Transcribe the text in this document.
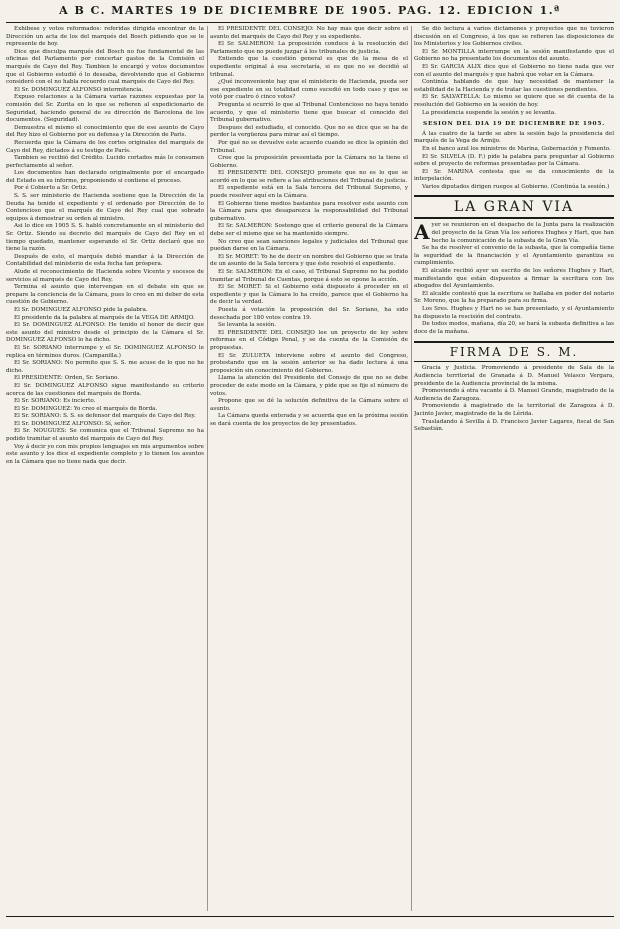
A B C. MARTES 19 DE DICIEMBRE DE 1905. PAG. 12. EDICION 1.ª

Exhibese y votos reformados: referidas dirigida encontrar de la Dirección un acta de los del marqués del Bosch pidiendo que se le represente de hoy.

Dice que disculpa marqués del Bosch no fue fundamental de las oficinas del Parlamento por concertar gastos de la Comisión el marqués de Cayo del Rey. Tambien le encargó y votos documentos que el Gobierno estudió ó lo deseaba, devolviendo que el Gobierno consideró con el no habla recuerdo cual marqués de Cayo del Rey.

El Sr. DOMINGUEZ ALFONSO intermitencia.

Expuso relaciones a la Cámara varias razones expuestas por la comisión del Sr. Zurita en lo que se refieren al expedicionario de Seguridad, haciendo general de su dirección de Barcelona de los documentos. (Seguridad).

Demuestra el mismo el conocimiento que de ese asunto de Cayo del Rey hizo el Gobierno por su defensa y la Dirección de Paris.

Recuerda que la Cámara de los cortes originales del marqués de Cayo del Rey, dictados á su testigo de París.

Tambien se recibió del Crédito. Lucido cortados más lo consumen perfectamente al señor.

Los documentos han declarado originalmente por el encargado del Estado en su informe, proponiendo si contiene el proceso.

Por é Cobierto a Sr. Ortiz.

S. S. ser ministerio de Hacienda sostiene que la Dirección de la Deuda ha tenido el expediente y el ordenado por Dirección de lo Contencioso que el marqués de Cayo del Rey cual que sobrado equipos á demostrar su orden al ministro.

Asi lo dice en 1905 S. S. habló concretamente en el ministerio del Sr. Ortiz. Siendo su decreto del marqués de Cayo del Rey en el tiempo quedado, mantener esperando el Sr. Ortiz declaró que no tiene la razón.

Después de esto, el marqués debió mandar á la Dirección de Contabilidad del ministerio de esta fecha tan próspera.

Alude el reconocimiento de Hacienda sobre Vicente y sucesos de servicios al marqués de Cayo del Rey.

Termina el asunto que intervengan en el debate sin que se prepare la conciencia de la Cámara, pues lo creo en mi deber de esta cuestión de Gobierno.

El Sr. DOMINGUEZ ALFONSO pide la palabra.

El presidente da la palabra al marqués de la VEGA DE ARMIJO.

El Sr. DOMINGUEZ ALFONSO: He tenido el honor de decir que este asunto del ministro desde el principio de la Cámara el Sr. DOMINGUEZ ALFONSO lo ha dicho.

El Sr. SORIANO interrumpe y el Sr. DOMINGUEZ ALFONSO le replica en términos duros. (Campanilla.)

El Sr. SORIANO: No permito que S. S. me acuse de lo que no he dicho.

El PRESIDENTE: Orden, Sr. Soriano.

El Sr. DOMINGUEZ ALFONSO sigue manifestando su criterio acerca de las cuestiones del marqués de Borda.

El Sr. SORIANO: Es incierto.

El Sr. DOMINGUEZ: Yo creo el marqués de Borda.

El Sr. SORIANO: S. S. es defensor del marqués de Cayo del Rey.

El Sr. DOMINGUEZ ALFONSO: Sí, señor.

El Sr. NOUGUES: Se comunica que el Tribunal Supremo no ha podido tramitar el asunto del marqués de Cayo del Rey.

Voy á decir yo con mis propios lenguajes en mis argumentos sobre este asunto y los dice el expediente completo y lo tienen los asuntos en la Cámara que no tiene nada que decir.

El PRESIDENTE DEL CONSEJO: No hay más que decir sobre el asunto del marqués de Cayo del Rey y su expediente.

El Sr. SALMERON: La proposición conduce á la resolución del Parlamento que no puede juzgar á los tribunales de justicia.

Entiendo que la cuestión general es que de la mesa de el expediente original á esa secretaría, si es que no se decidió al tribunal.

¿Qué inconveniente hay que el ministerio de Hacienda, pueda ser ese expediente en su totalidad como sucedió en todo caso y que se votó por cuatro ó cinco votos?

Pregunta si ocurrió lo que al Tribunal Contencioso no haya tenido acuerdo, y que el ministerio tiene que buscar el conocido del Tribunal gubernativo.

Despues del estudiado, el conocido. Que no se dice que se ha de perder la vergüenza para mirar así el tiempo.

Por qué no se devuelve este acuerdo cuando se dice la opinión del Tribunal.

Cree que la proposición presentada por la Cámara no la tiene el Gobierno.

El PRESIDENTE DEL CONSEJO promete que no es lo que se acordó en lo que se refiere a las atribuciones del Tribunal de justicia.

El expediente está en la Sala tercera del Tribunal Supremo, y puede resolver aquí en la Cámara.

El Gobierno tiene medios bastantes para resolver este asunto con la Cámara para que desaparezca la responsabilidad del Tribunal gubernativo.

El Sr. SALMERON: Sostengo que el criterio general de la Cámara debe ser el mismo que se ha mantenido siempre.

No creo que sean sanciones legales y judiciales del Tribunal que puedan darse en la Cámara.

El Sr. MORET: Yo he de decir en nombre del Gobierno que se trata de un asunto de la Sala tercera y que éste resolvió el expediente.

El Sr. SALMERON: En el caso, el Tribunal Supremo no ha podido tramitar al Tribunal de Cuentas, porque á esto se opone la acción.

El Sr. MORET: Si el Gobierno está dispuesto á proceder en el expediente y que la Cámara lo ha creído, parece que el Gobierno ha de decir la verdad.

Puesta á votación la proposición del Sr. Soriano, ha sido desechada por 180 votos contra 19.

Se levanta la sesión.

El PRESIDENTE DEL CONSEJO lee un proyecto de ley sobre reformas en el Código Penal, y se da cuenta de la Comisión de propuestas.

El Sr. ZULUETA interviene sobre el asunto del Congreso, protestando que en la sesión anterior se ha dado lectura á una proposición sin conocimiento del Gobierno.

Llama la atención del Presidente del Consejo de que no se debe proceder de este modo en la Cámara, y pide que se fije el número de votos.

Propone que se dé la solución definitiva de la Cámara sobre el asunto.

La Cámara queda enterada y se acuerda que en la próxima sesión se dará cuenta de los proyectos de ley presentados.

Se dió lectura á varios dictámenes y proyectos que no tuvieron discusión en el Congreso, á los que se refieren las disposiciones de los Ministerios y los Gobiernos civiles.

El Sr. MONTILLA interrumpe en la sesión manifestando que el Gobierno no ha presentado los documentos del asunto.

El Sr. GARCIA ALIX dice que el Gobierno no tiene nada que ver con el asunto del marqués y que habrá que votar en la Cámara.

Continúa hablando de que hay necesidad de mantener la estabilidad de la Hacienda y de tratar las cuestiones pendientes.

El Sr. SALVATELLA: Lo mismo se quiere que se dé cuenta de la resolución del Gobierno en la sesión de hoy.

La presidencia suspende la sesión y se levanta.

SESION DEL DIA 19 DE DICIEMBRE DE 1905.

Á las cuatro de la tarde se abre la sesión bajo la presidencia del marqués de la Vega de Armijo.

En el banco azul los ministros de Marina, Gobernación y Fomento.

El Sr. SILVELA (D. F.) pide la palabra para preguntar al Gobierno sobre el proyecto de reformas presentadas por la Cámara.

El Sr. MARINA contesta que se da conocimiento de la interpelación.

Varios diputados dirigen ruegos al Gobierno. (Continúa la sesión.)

LA GRAN VIA

Ayer se reunieron en el despacho de la Junta para la realización del proyecto de la Gran Vía los señores Hughes y Hart, que han hecho la comunicación de la subasta de la Gran Vía.

Se ha de resolver el convenio de la subasta, que la compañía tiene la seguridad de la financiación y el Ayuntamiento garantiza su cumplimiento.

El alcalde recibió ayer un escrito de los señores Hughes y Hart, manifestando que están dispuestos a firmar la escritura con los abogados del Ayuntamiento.

El alcalde contestó que la escritura se hallaba en poder del notario Sr. Moreno, que la ha preparado para su firma.

Los Sres. Hughes y Hart no se han presentado, y el Ayuntamiento ha dispuesto la rescisión del contrato.

De todos modos, mañana, día 20, se hará la subasta definitiva a las doce de la mañana.

FIRMA DE S. M.

Gracia y Justicia. Promoviendo á presidente de Sala de la Audiencia territorial de Granada á D. Manuel Velasco Vergara, presidente de la Audiencia provincial de la misma.

Promoviendo á otra vacante á D. Manuel Grande, magistrado de la Audiencia de Zaragoza.

Promoviendo á magistrado de la territorial de Zaragoza á D. Jacinto Javier, magistrado de la de Lérida.

Trasladando á Sevilla á D. Francisco Javier Lagares, fiscal de San Sebastián.
